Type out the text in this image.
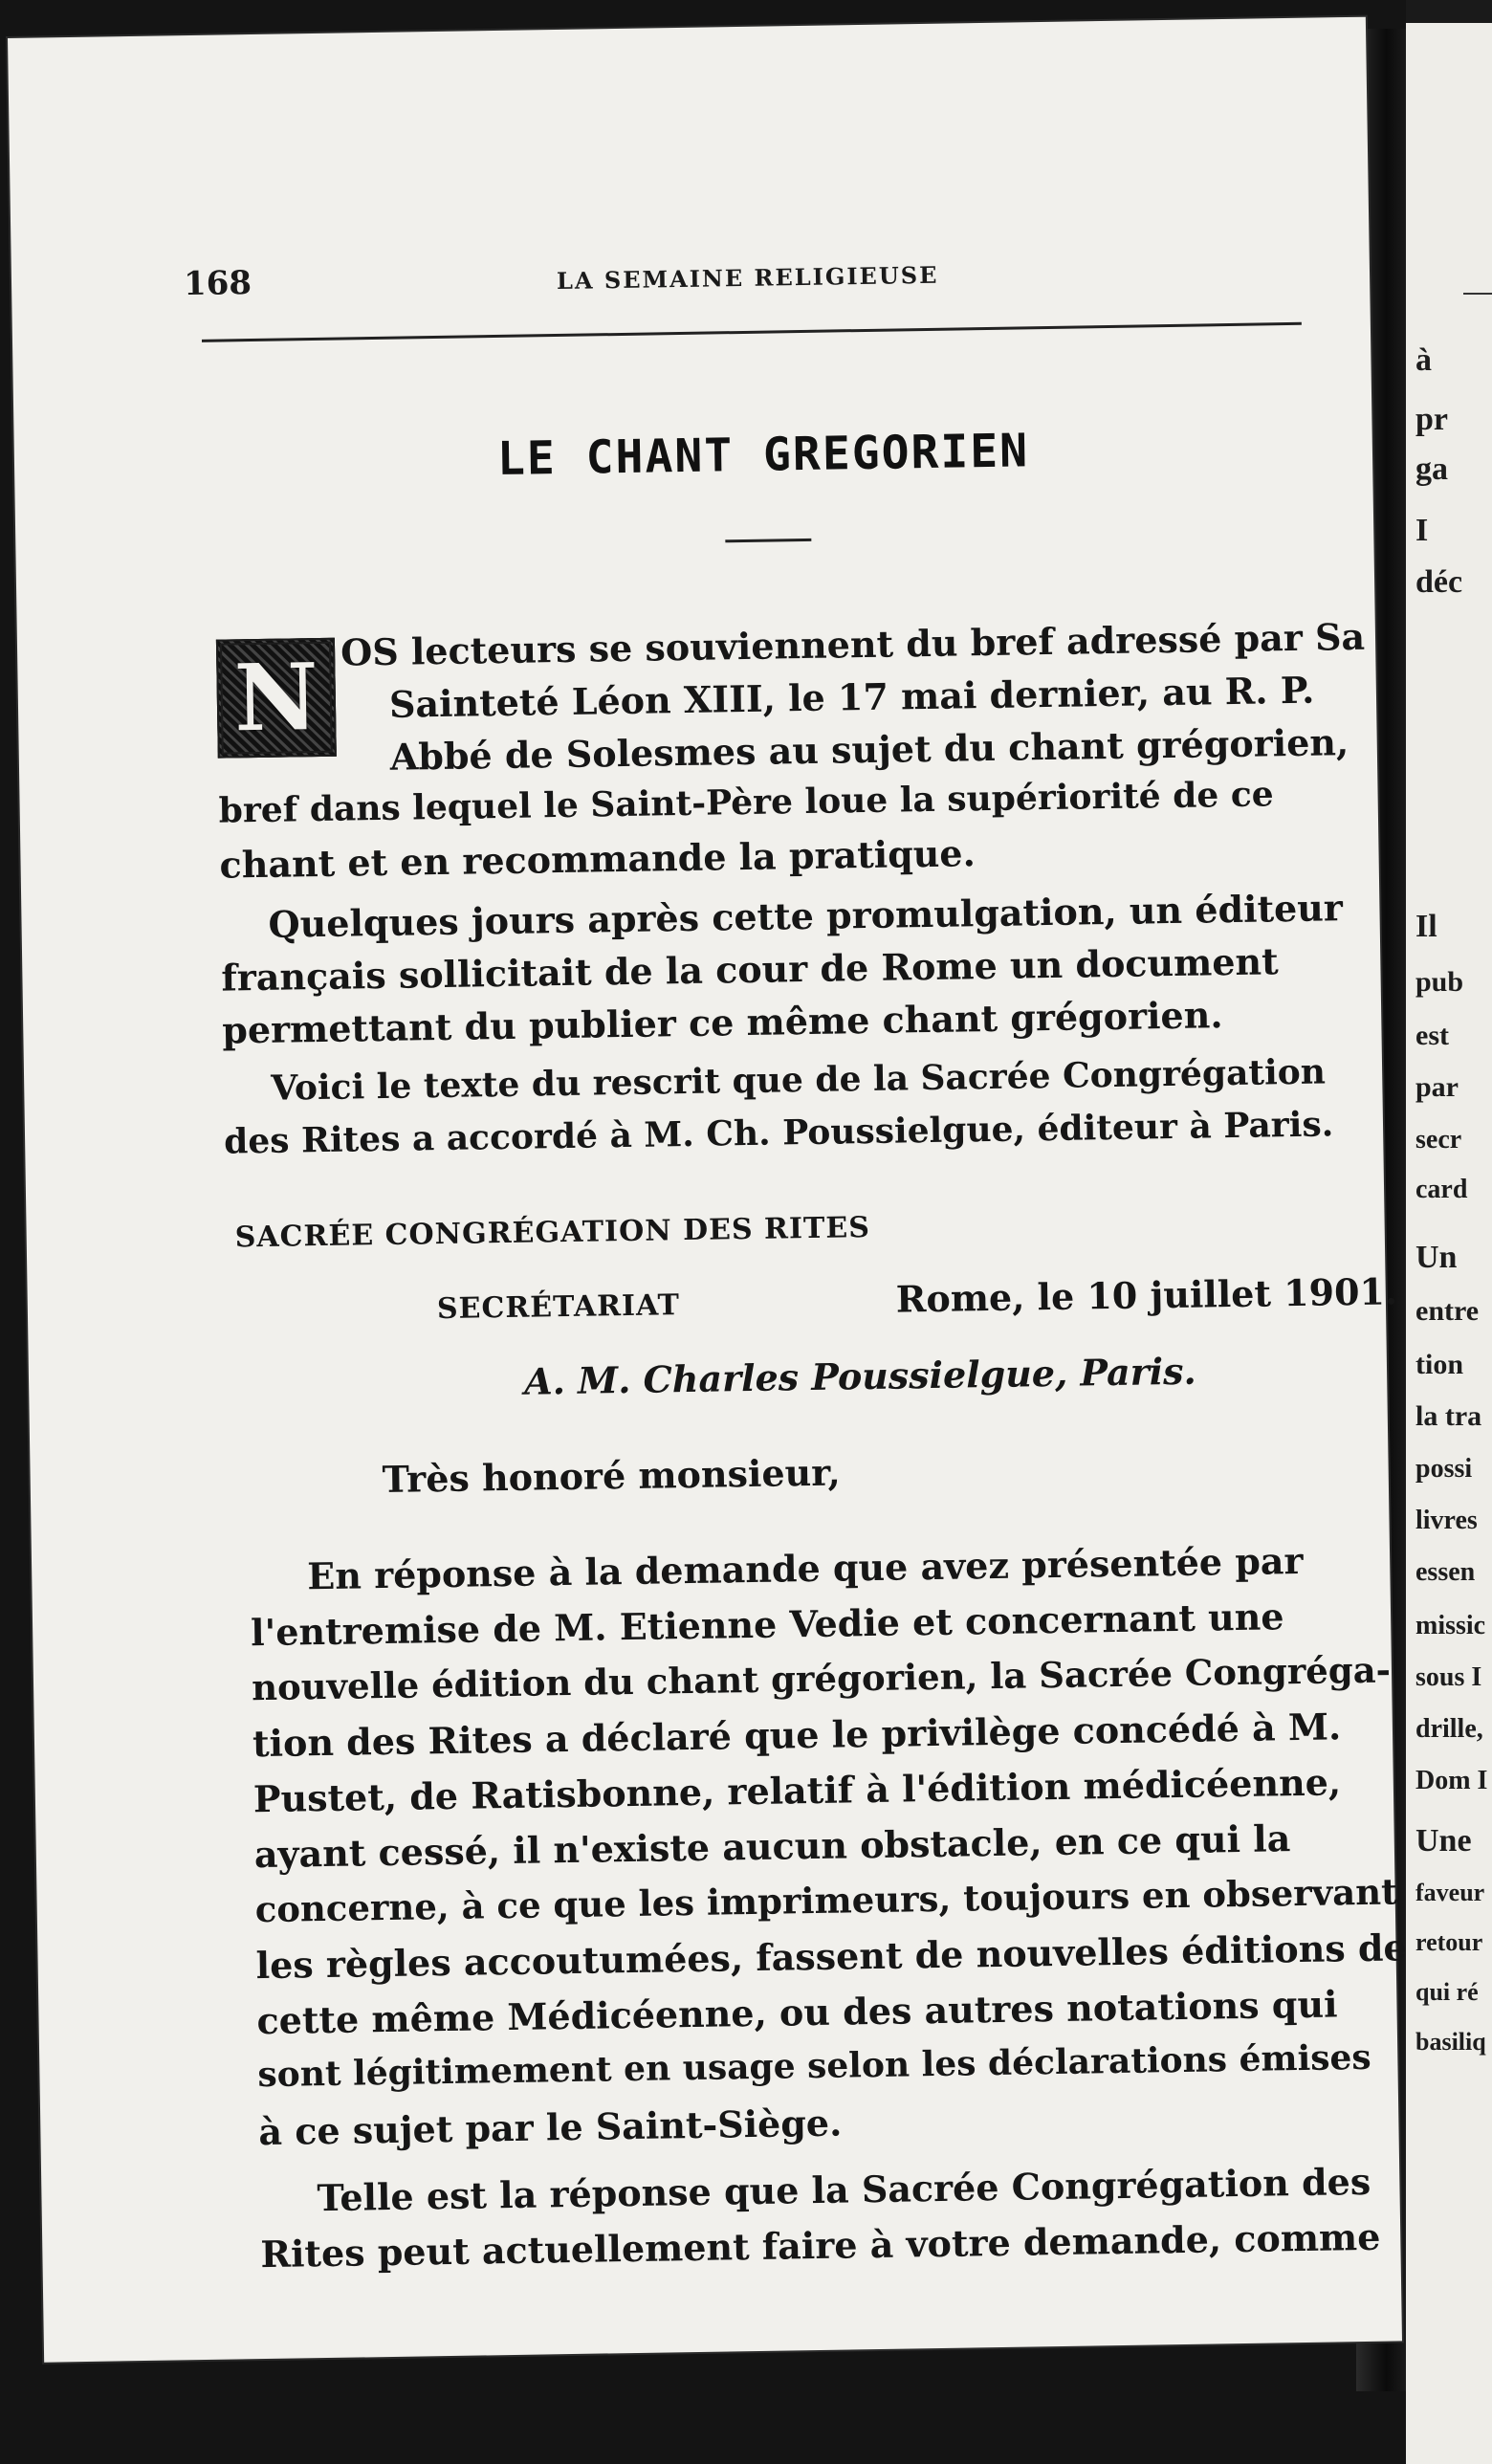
à
pr
ga
I
déc
Il
pub
est
par
secr
card
Un
entre
tion
la tra
possi
livres
essen
missic
sous I
drille,
Dom I
Une
faveur
retour
qui ré
basiliq
168	LA SEMAINE RELIGIEUSE
LE CHANT GREGORIEN
N OS lecteurs se souviennent du bref adressé par Sa
Sainteté Léon XIII, le 17 mai dernier, au R. P.
Abbé de Solesmes au sujet du chant grégorien,
bref dans lequel le Saint-Père loue la supériorité de ce
chant et en recommande la pratique.
Quelques jours après cette promulgation, un éditeur
français sollicitait de la cour de Rome un document
permettant du publier ce même chant grégorien.
Voici le texte du rescrit que de la Sacrée Congrégation
des Rites a accordé à M. Ch. Poussielgue, éditeur à Paris.
SACRÉE CONGRÉGATION DES RITES
SECRÉTARIAT	Rome, le 10 juillet 1901.
A. M. Charles Poussielgue, Paris.
Très honoré monsieur,
En réponse à la demande que avez présentée par
l'entremise de M. Etienne Vedie et concernant une
nouvelle édition du chant grégorien, la Sacrée Congréga-
tion des Rites a déclaré que le privilège concédé à M.
Pustet, de Ratisbonne, relatif à l'édition médicéenne,
ayant cessé, il n'existe aucun obstacle, en ce qui la
concerne, à ce que les imprimeurs, toujours en observant
les règles accoutumées, fassent de nouvelles éditions de
cette même Médicéenne, ou des autres notations qui
sont légitimement en usage selon les déclarations émises
à ce sujet par le Saint-Siège.
Telle est la réponse que la Sacrée Congrégation des
Rites peut actuellement faire à votre demande, comme
